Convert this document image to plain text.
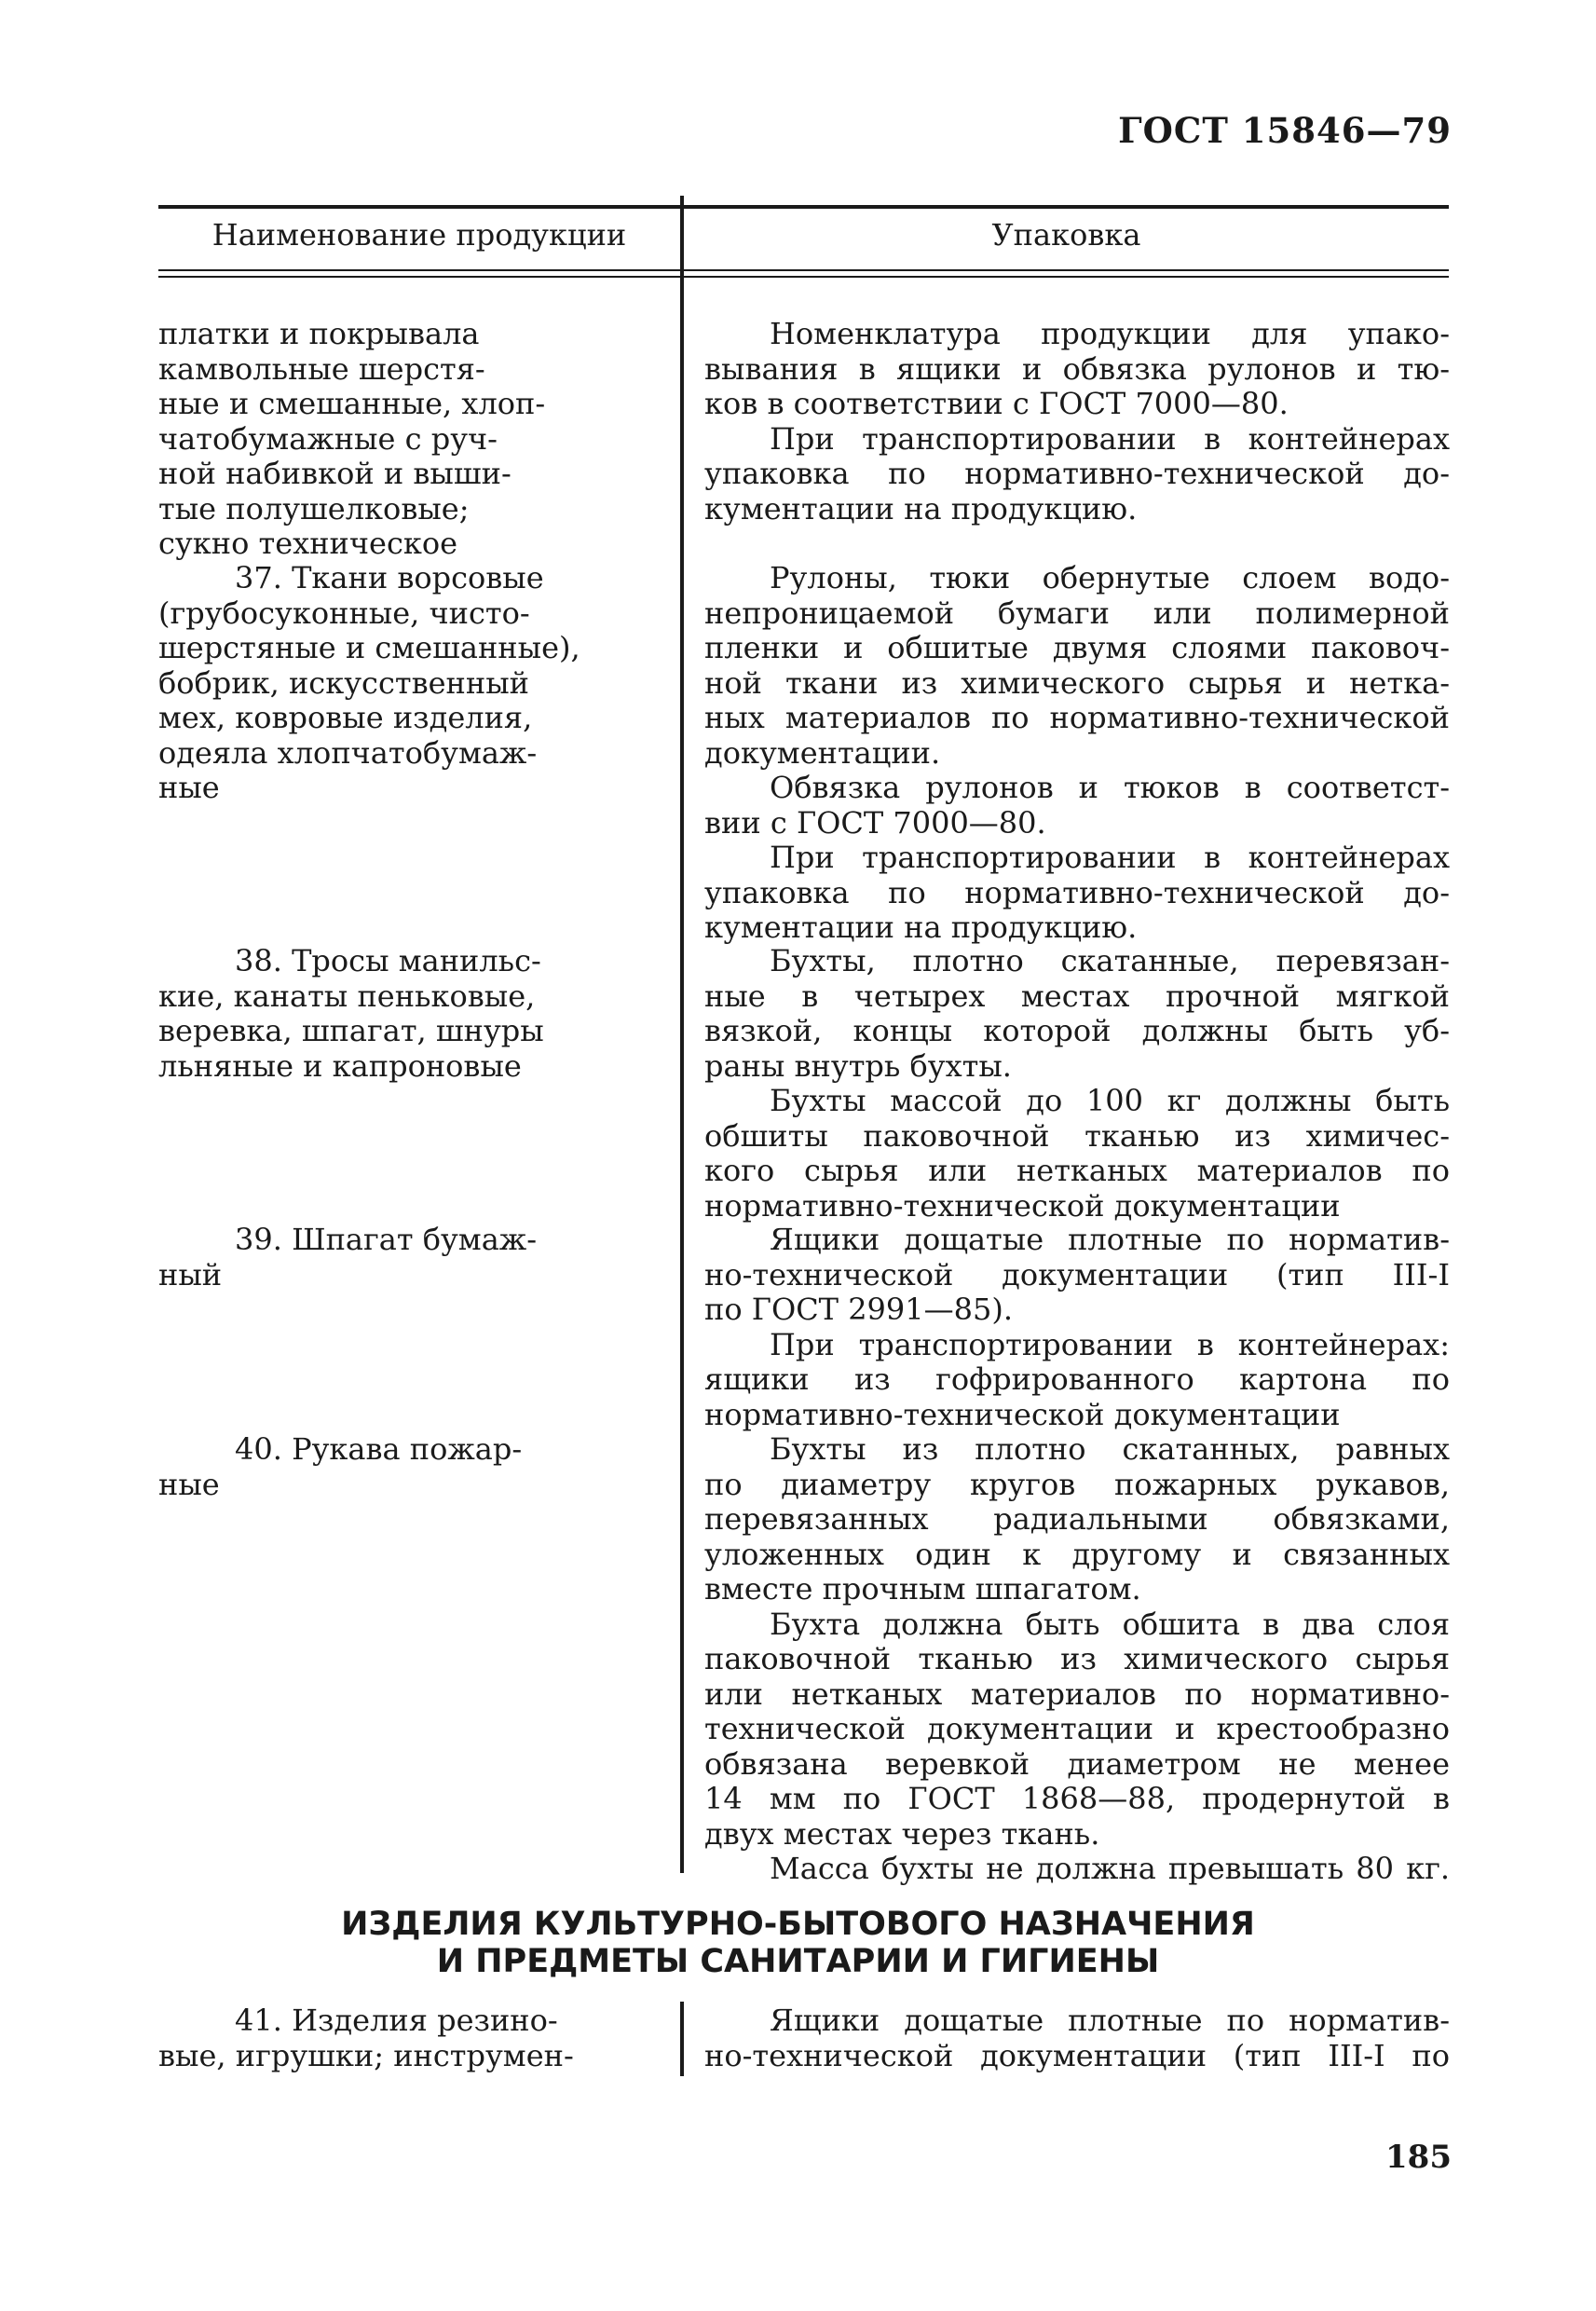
ГОСТ 15846—79
Наименование продукции	Упаковка
платки и покрывала
камвольные шерстя-
ные и смешанные, хлоп-
чатобумажные с руч-
ной набивкой и выши-
тые полушелковые;
сукно техническое
37. Ткани ворсовые
(грубосуконные, чисто-
шерстяные и смешанные),
бобрик, искусственный
мех, ковровые изделия,
одеяла хлопчатобумаж-
ные
38. Тросы манильс-
кие, канаты пеньковые,
веревка, шпагат, шнуры
льняные и капроновые
39. Шпагат бумаж-
ный
40. Рукава пожар-
ные
Номенклатура продукции для упако-
вывания в ящики и обвязка рулонов и тю-
ков в соответствии с ГОСТ 7000—80.
При транспортировании в контейнерах
упаковка по нормативно-технической до-
кументации на продукцию.
Рулоны, тюки обернутые слоем водо-
непроницаемой бумаги или полимерной
пленки и обшитые двумя слоями паковоч-
ной ткани из химического сырья и нетка-
ных материалов по нормативно-технической
документации.
Обвязка рулонов и тюков в соответст-
вии с ГОСТ 7000—80.
При транспортировании в контейнерах
упаковка по нормативно-технической до-
кументации на продукцию.
Бухты, плотно скатанные, перевязан-
ные в четырех местах прочной мягкой
вязкой, концы которой должны быть уб-
раны внутрь бухты.
Бухты массой до 100 кг должны быть
обшиты паковочной тканью из химичес-
кого сырья или нетканых материалов по
нормативно-технической документации
Ящики дощатые плотные по норматив-
но-технической документации (тип III-I
по ГОСТ 2991—85).
При транспортировании в контейнерах:
ящики из гофрированного картона по
нормативно-технической документации
Бухты из плотно скатанных, равных
по диаметру кругов пожарных рукавов,
перевязанных радиальными обвязками,
уложенных один к другому и связанных
вместе прочным шпагатом.
Бухта должна быть обшита в два слоя
паковочной тканью из химического сырья
или нетканых материалов по нормативно-
технической документации и крестообразно
обвязана веревкой диаметром не менее
14 мм по ГОСТ 1868—88, продернутой в
двух местах через ткань.
Масса бухты не должна превышать 80 кг.
ИЗДЕЛИЯ КУЛЬТУРНО-БЫТОВОГО НАЗНАЧЕНИЯ
И ПРЕДМЕТЫ САНИТАРИИ И ГИГИЕНЫ
41. Изделия резино-
вые, игрушки; инструмен-
Ящики дощатые плотные по норматив-
но-технической документации (тип III-I по
185
